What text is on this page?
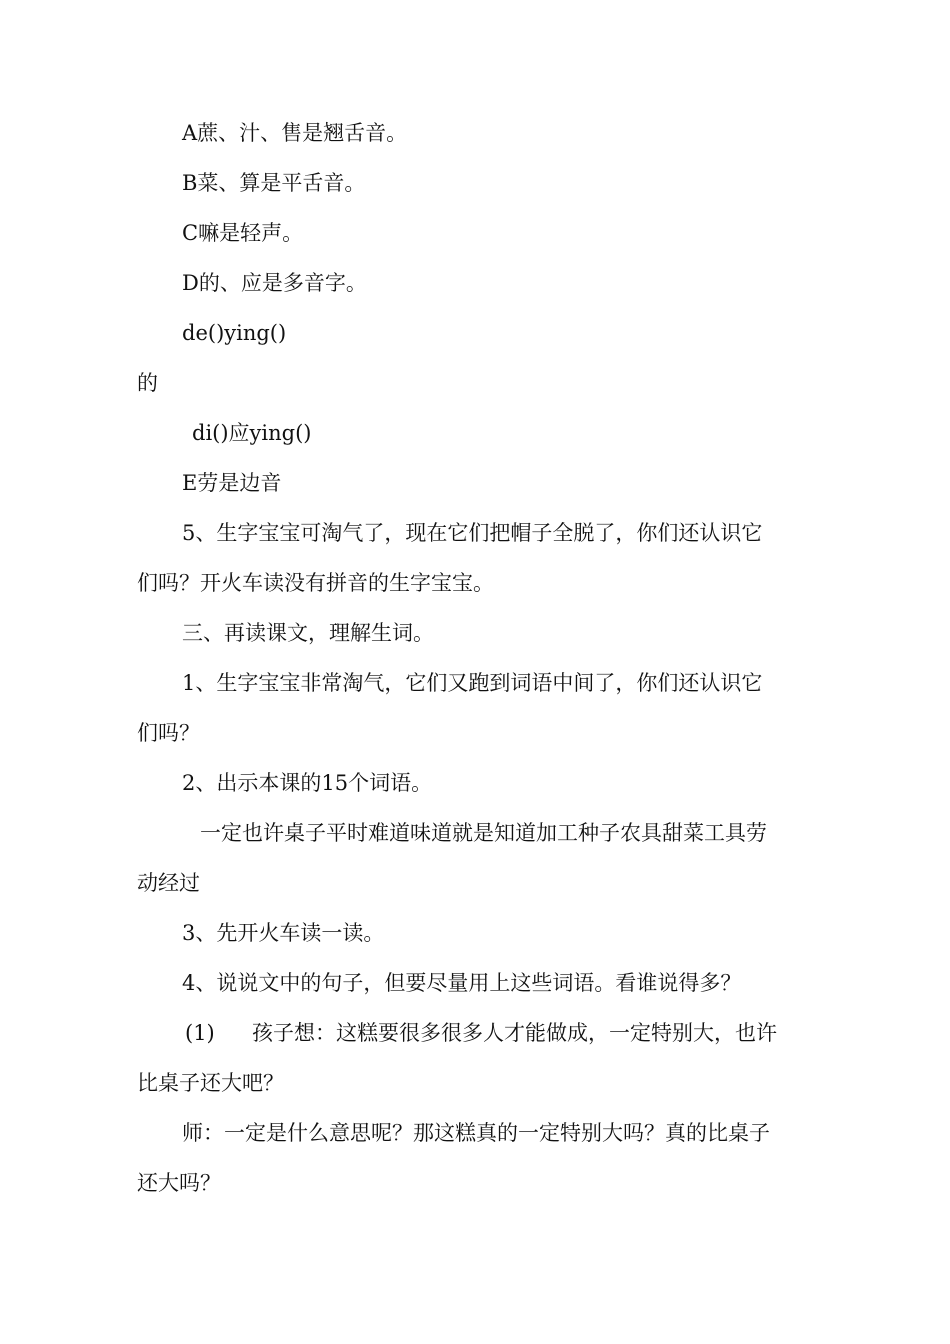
A蔗、汁、售是翘舌音。
B菜、算是平舌音。
C嘛是轻声。
D的、应是多音字。
de()ying()
的
di()应ying()
E劳是边音
5、生字宝宝可淘气了，现在它们把帽子全脱了，你们还认识它
们吗？开火车读没有拼音的生字宝宝。
三、再读课文，理解生词。
1、生字宝宝非常淘气，它们又跑到词语中间了，你们还认识它
们吗？
2、出示本课的15个词语。
一定也许桌子平时难道味道就是知道加工种子农具甜菜工具劳
动经过
3、先开火车读一读。
4、说说文中的句子，但要尽量用上这些词语。看谁说得多？
(1) 孩子想：这糕要很多很多人才能做成，一定特别大，也许
比桌子还大吧？
师：一定是什么意思呢？那这糕真的一定特别大吗？真的比桌子
还大吗？
